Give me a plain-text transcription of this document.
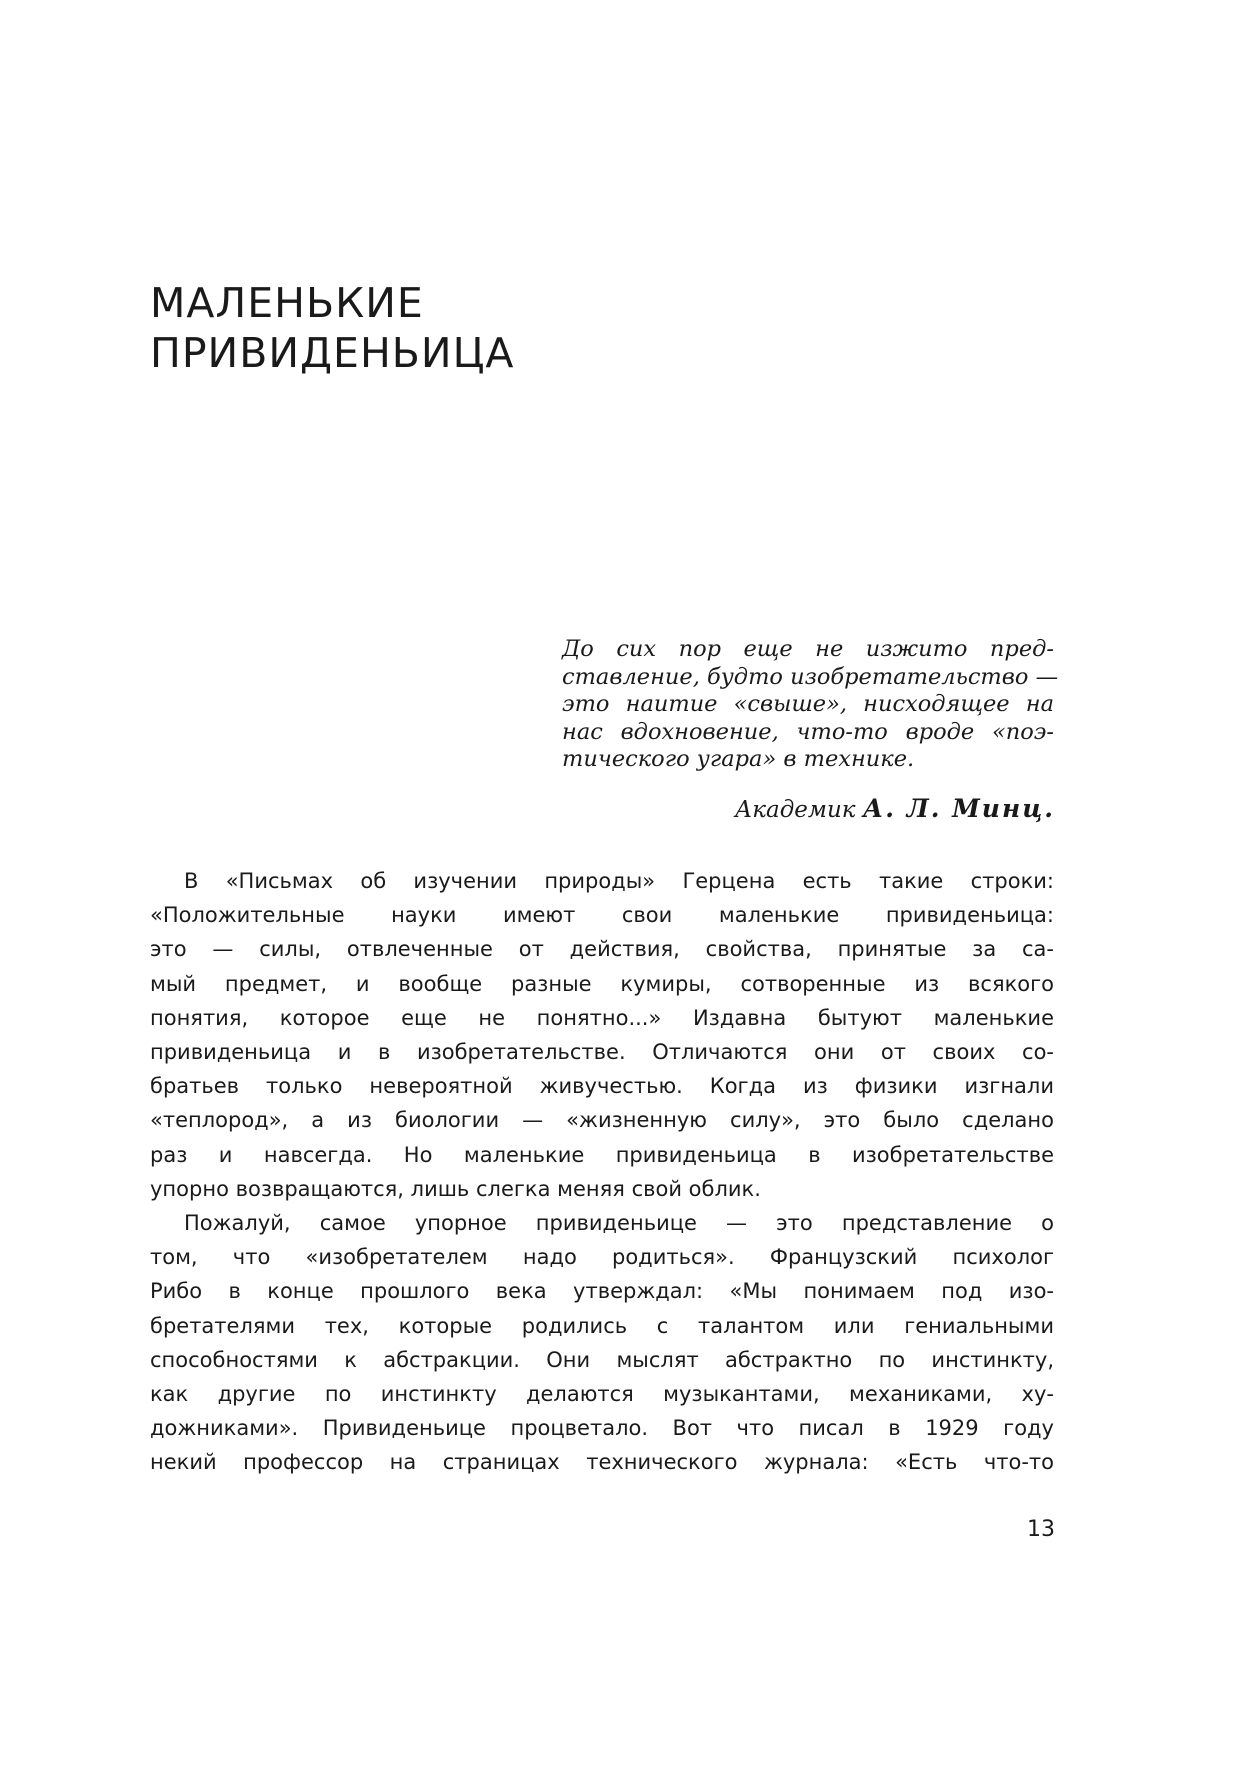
МАЛЕНЬКИЕ
ПРИВИДЕНЬИЦА
До сих пор еще не изжито пред-
ставление, будто изобретательство —
это наитие «свыше», нисходящее на
нас вдохновение, что-то вроде «поэ-
тического угара» в технике.
Академик А. Л. Минц.
В «Письмах об изучении природы» Герцена есть такие строки:
«Положительные науки имеют свои маленькие привиденьица:
это — силы, отвлеченные от действия, свойства, принятые за са-
мый предмет, и вообще разные кумиры, сотворенные из всякого
понятия, которое еще не понятно...» Издавна бытуют маленькие
привиденьица и в изобретательстве. Отличаются они от своих со-
братьев только невероятной живучестью. Когда из физики изгнали
«теплород», а из биологии — «жизненную силу», это было сделано
раз и навсегда. Но маленькие привиденьица в изобретательстве
упорно возвращаются, лишь слегка меняя свой облик.
Пожалуй, самое упорное привиденьице — это представление о
том, что «изобретателем надо родиться». Французский психолог
Рибо в конце прошлого века утверждал: «Мы понимаем под изо-
бретателями тех, которые родились с талантом или гениальными
способностями к абстракции. Они мыслят абстрактно по инстинкту,
как другие по инстинкту делаются музыкантами, механиками, ху-
дожниками». Привиденьице процветало. Вот что писал в 1929 году
некий профессор на страницах технического журнала: «Есть что-то
13
